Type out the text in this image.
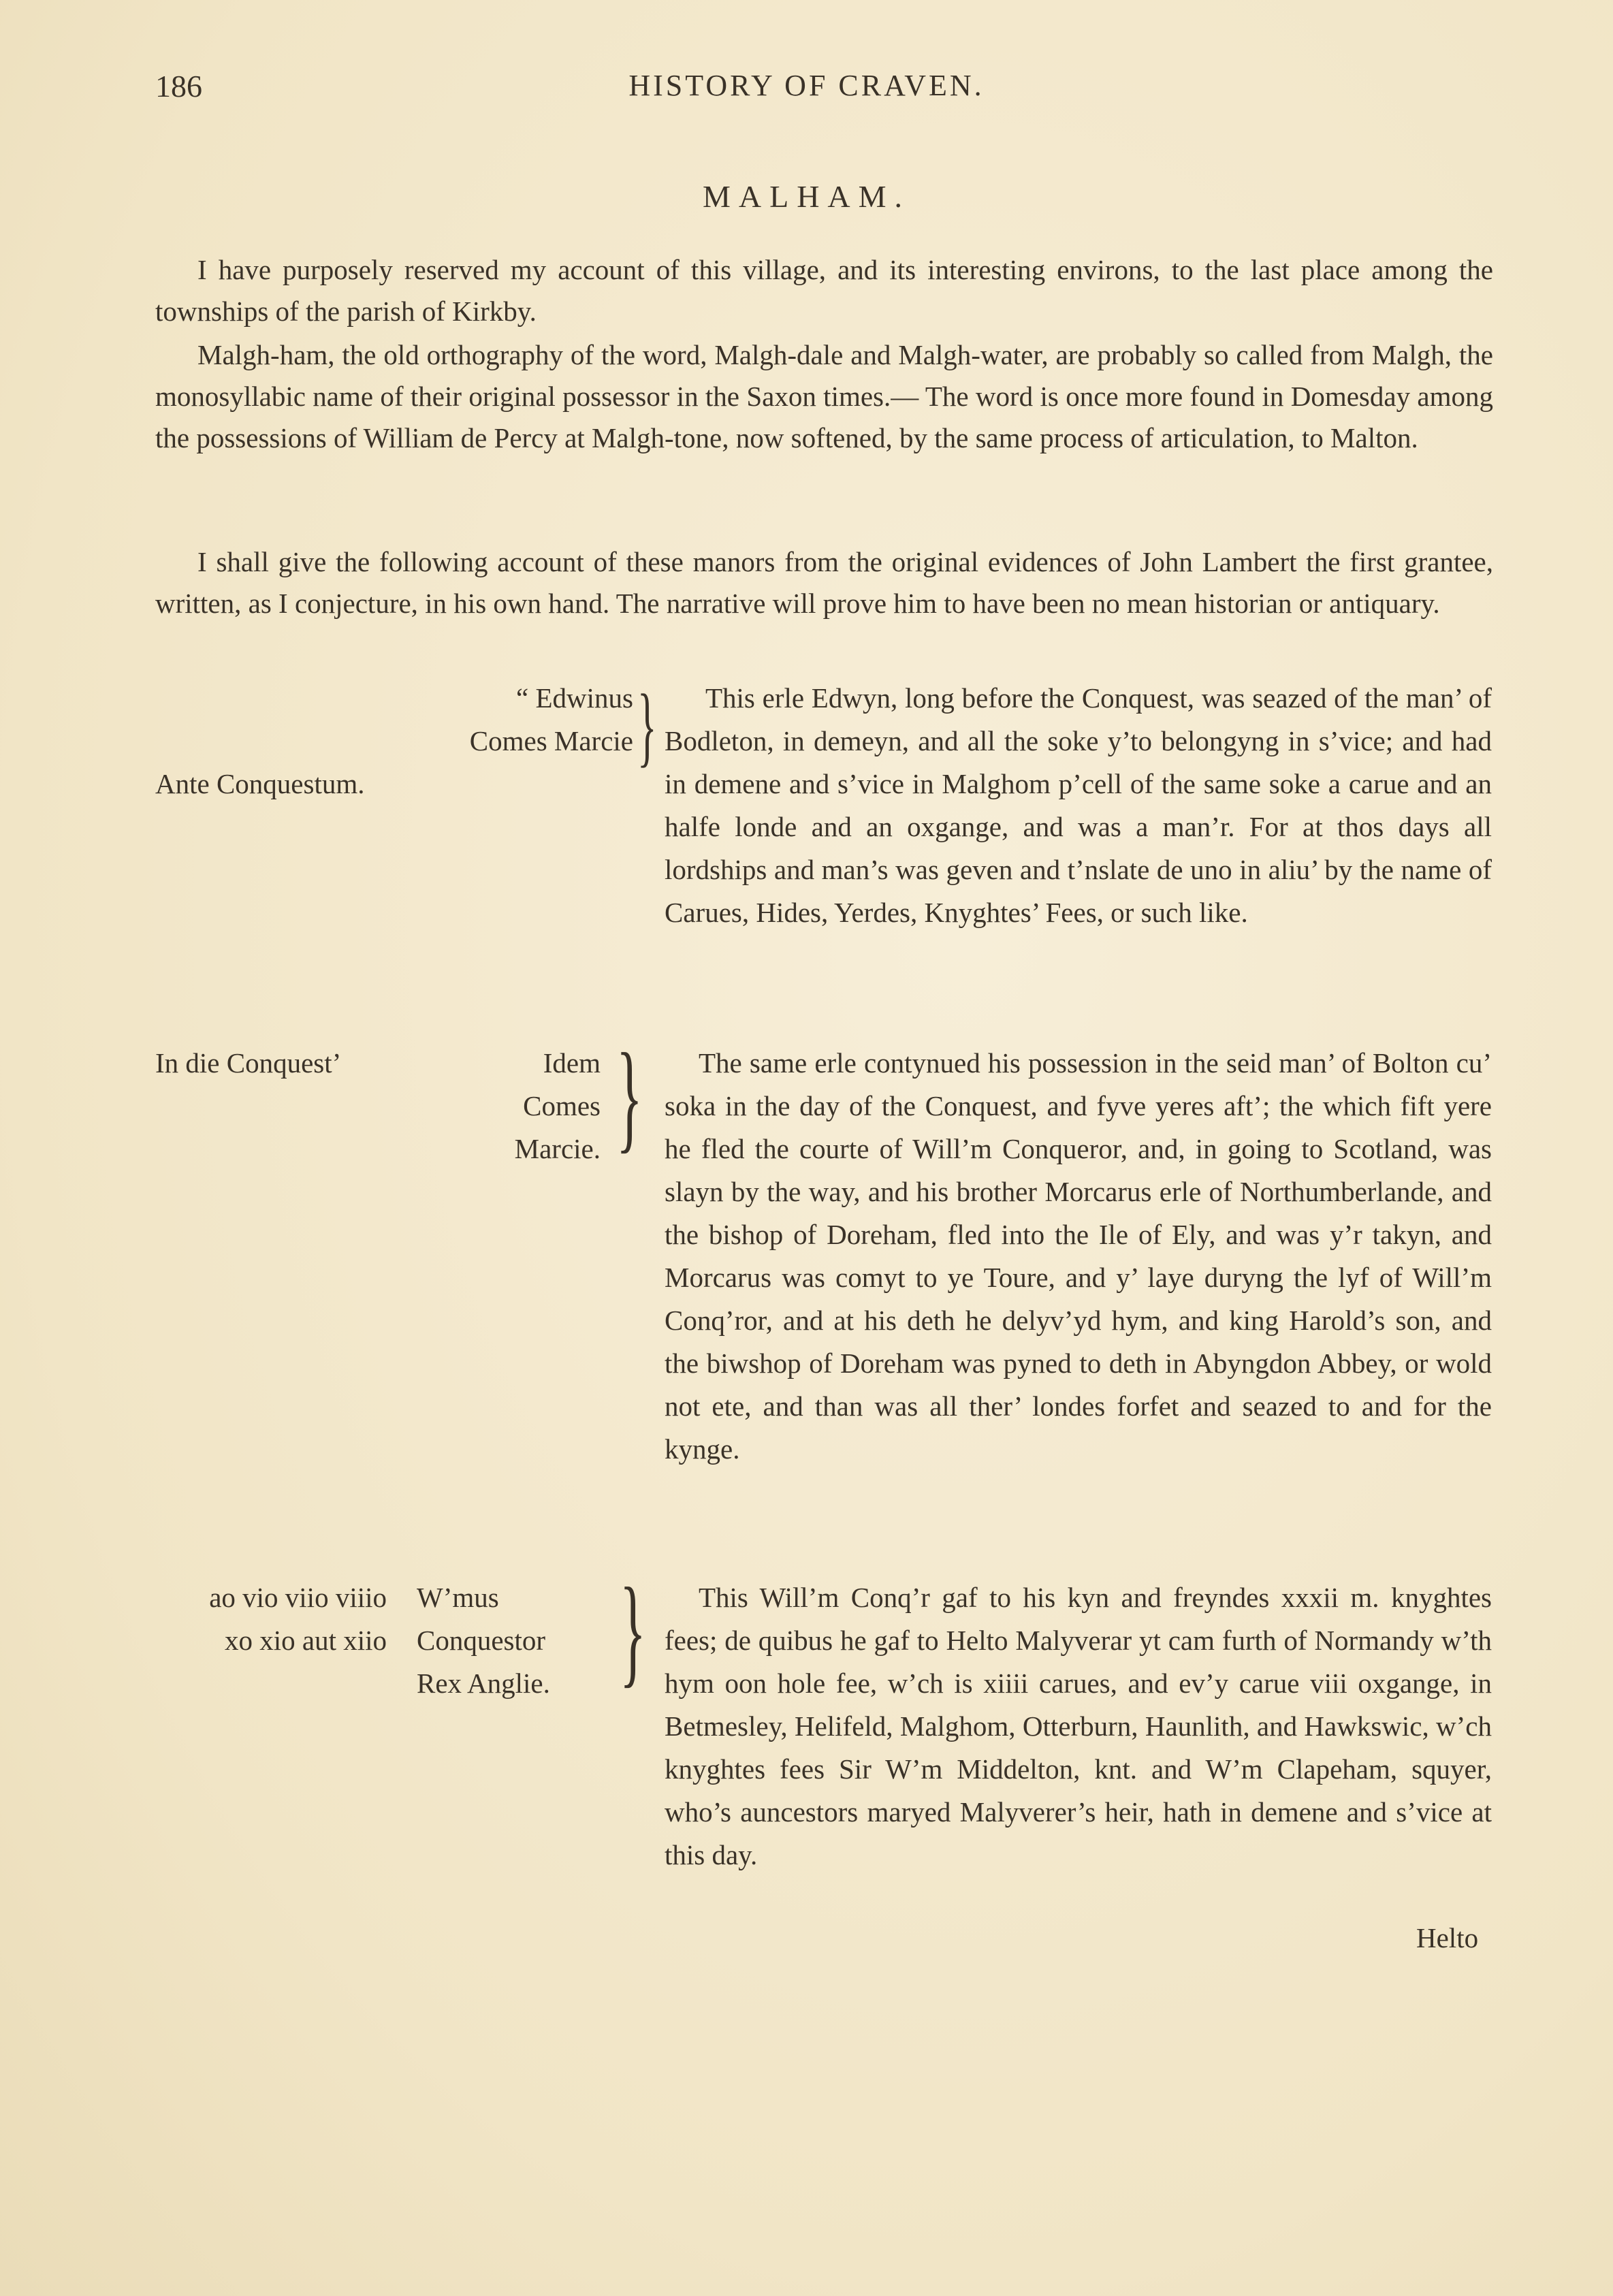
186	HISTORY OF CRAVEN.
MALHAM.
I have purposely reserved my account of this village, and its interesting environs, to the last place among the townships of the parish of Kirkby.
Malgh-ham, the old orthography of the word, Malgh-dale and Malgh-water, are probably so called from Malgh, the monosyllabic name of their original possessor in the Saxon times.— The word is once more found in Domesday among the possessions of William de Percy at Malgh-tone, now softened, by the same process of articulation, to Malton.
I shall give the following account of these manors from the original evidences of John Lambert the first grantee, written, as I conjecture, in his own hand. The narrative will prove him to have been no mean historian or antiquary.
Ante Conquestum.
“ Edwinus
Comes Marcie }	This erle Edwyn, long before the Conquest, was seazed of the man’ of Bodleton, in demeyn, and all the soke y’to belongyng in s’vice; and had in demene and s’vice in Malghom p’cell of the same soke a carue and an halfe londe and an oxgange, and was a man’r. For at thos days all lordships and man’s was geven and t’nslate de uno in aliu’ by the name of Carues, Hides, Yerdes, Knyghtes’ Fees, or such like.
In die Conquest’	Idem
Comes
Marcie. }	The same erle contynued his possession in the seid man’ of Bolton cu’ soka in the day of the Conquest, and fyve yeres aft’; the which fift yere he fled the courte of Will’m Conqueror, and, in going to Scotland, was slayn by the way, and his brother Morcarus erle of Northumberlande, and the bishop of Doreham, fled into the Ile of Ely, and was y’r takyn, and Morcarus was comyt to ye Toure, and y’ laye duryng the lyf of Will’m Conq’ror, and at his deth he delyv’yd hym, and king Harold’s son, and the biwshop of Doreham was pyned to deth in Abyngdon Abbey, or wold not ete, and than was all ther’ londes forfet and seazed to and for the kynge.
ao vio viio viiio
xo xio aut xiio
W’mus
Conquestor
Rex Anglie. }	This Will’m Conq’r gaf to his kyn and freyndes xxxii m. knyghtes fees; de quibus he gaf to Helto Malyverar yt cam furth of Normandy w’th hym oon hole fee, w’ch is xiiii carues, and ev’y carue viii oxgange, in Betmesley, Helifeld, Malghom, Otterburn, Haunlith, and Hawkswic, w’ch knyghtes fees Sir W’m Middelton, knt. and W’m Clapeham, squyer, who’s auncestors maryed Malyverer’s heir, hath in demene and s’vice at this day.
Helto
